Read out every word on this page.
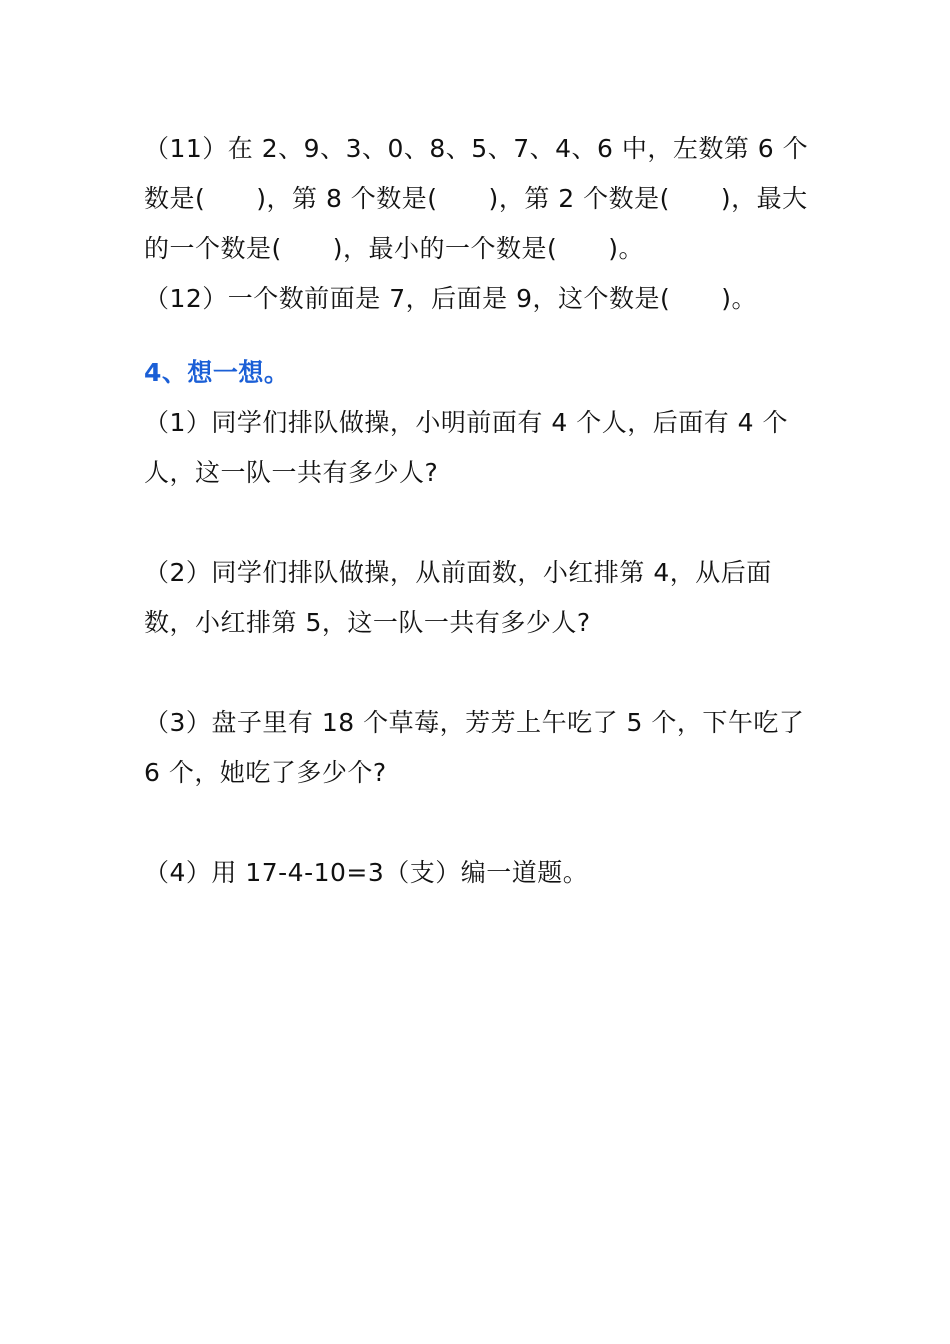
（11）在 2、9、3、0、8、5、7、4、6 中，左数第 6 个
数是(　　)，第 8 个数是(　　)，第 2 个数是(　　)，最大
的一个数是(　　)，最小的一个数是(　　)。
（12）一个数前面是 7，后面是 9，这个数是(　　)。
4、想一想。
（1）同学们排队做操，小明前面有 4 个人，后面有 4 个
人，这一队一共有多少人?
（2）同学们排队做操，从前面数，小红排第 4，从后面
数，小红排第 5，这一队一共有多少人?
（3）盘子里有 18 个草莓，芳芳上午吃了 5 个，下午吃了
6 个，她吃了多少个?
（4）用 17-4-10=3（支）编一道题。
